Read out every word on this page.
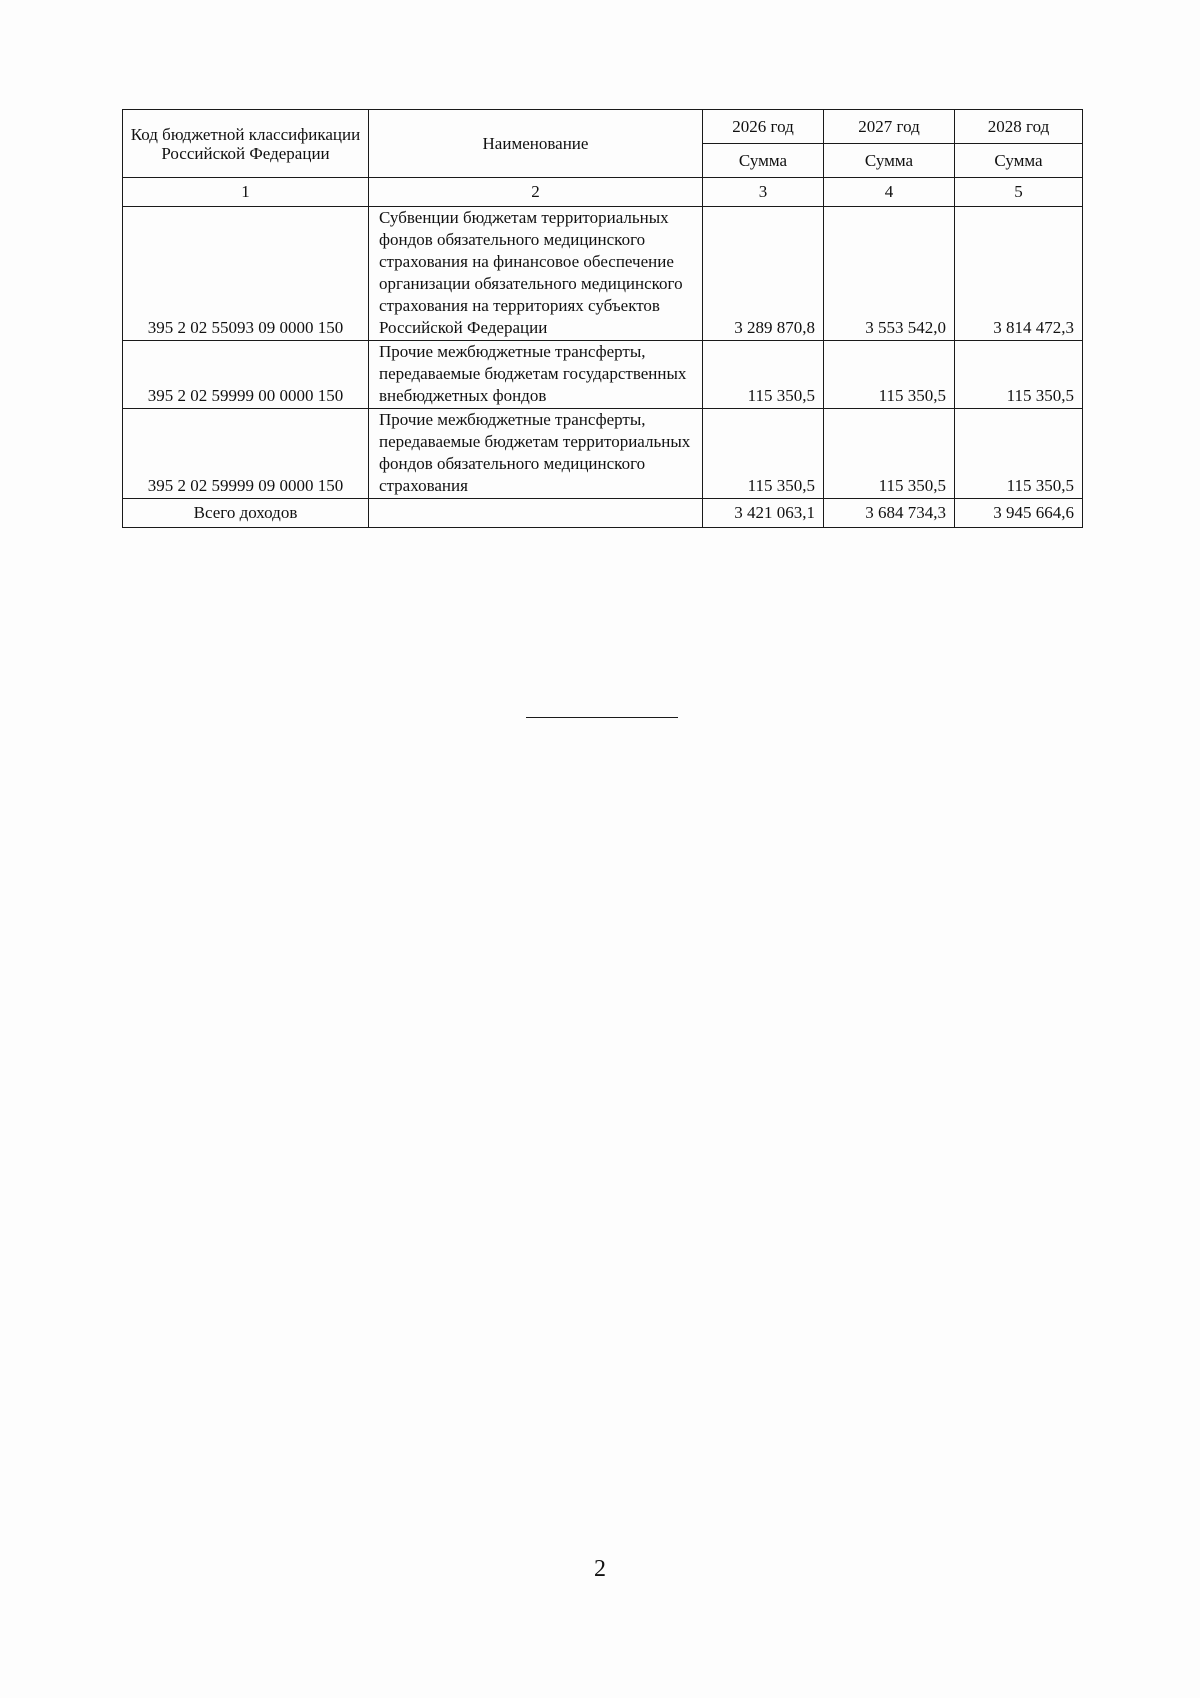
Код бюджетной классификации Российской Федерации	Наименование	2026 год	2027 год	2028 год
		Сумма	Сумма	Сумма
1	2	3	4	5
395 2 02 55093 09 0000 150	Субвенции бюджетам территориальных фондов обязательного медицинского страхования на финансовое обеспечение организации обязательного медицинского страхования на территориях субъектов Российской Федерации	3 289 870,8	3 553 542,0	3 814 472,3
395 2 02 59999 00 0000 150	Прочие межбюджетные трансферты, передаваемые бюджетам государственных внебюджетных фондов	115 350,5	115 350,5	115 350,5
395 2 02 59999 09 0000 150	Прочие межбюджетные трансферты, передаваемые бюджетам территориальных фондов обязательного медицинского страхования	115 350,5	115 350,5	115 350,5
Всего доходов		3 421 063,1	3 684 734,3	3 945 664,6
2
